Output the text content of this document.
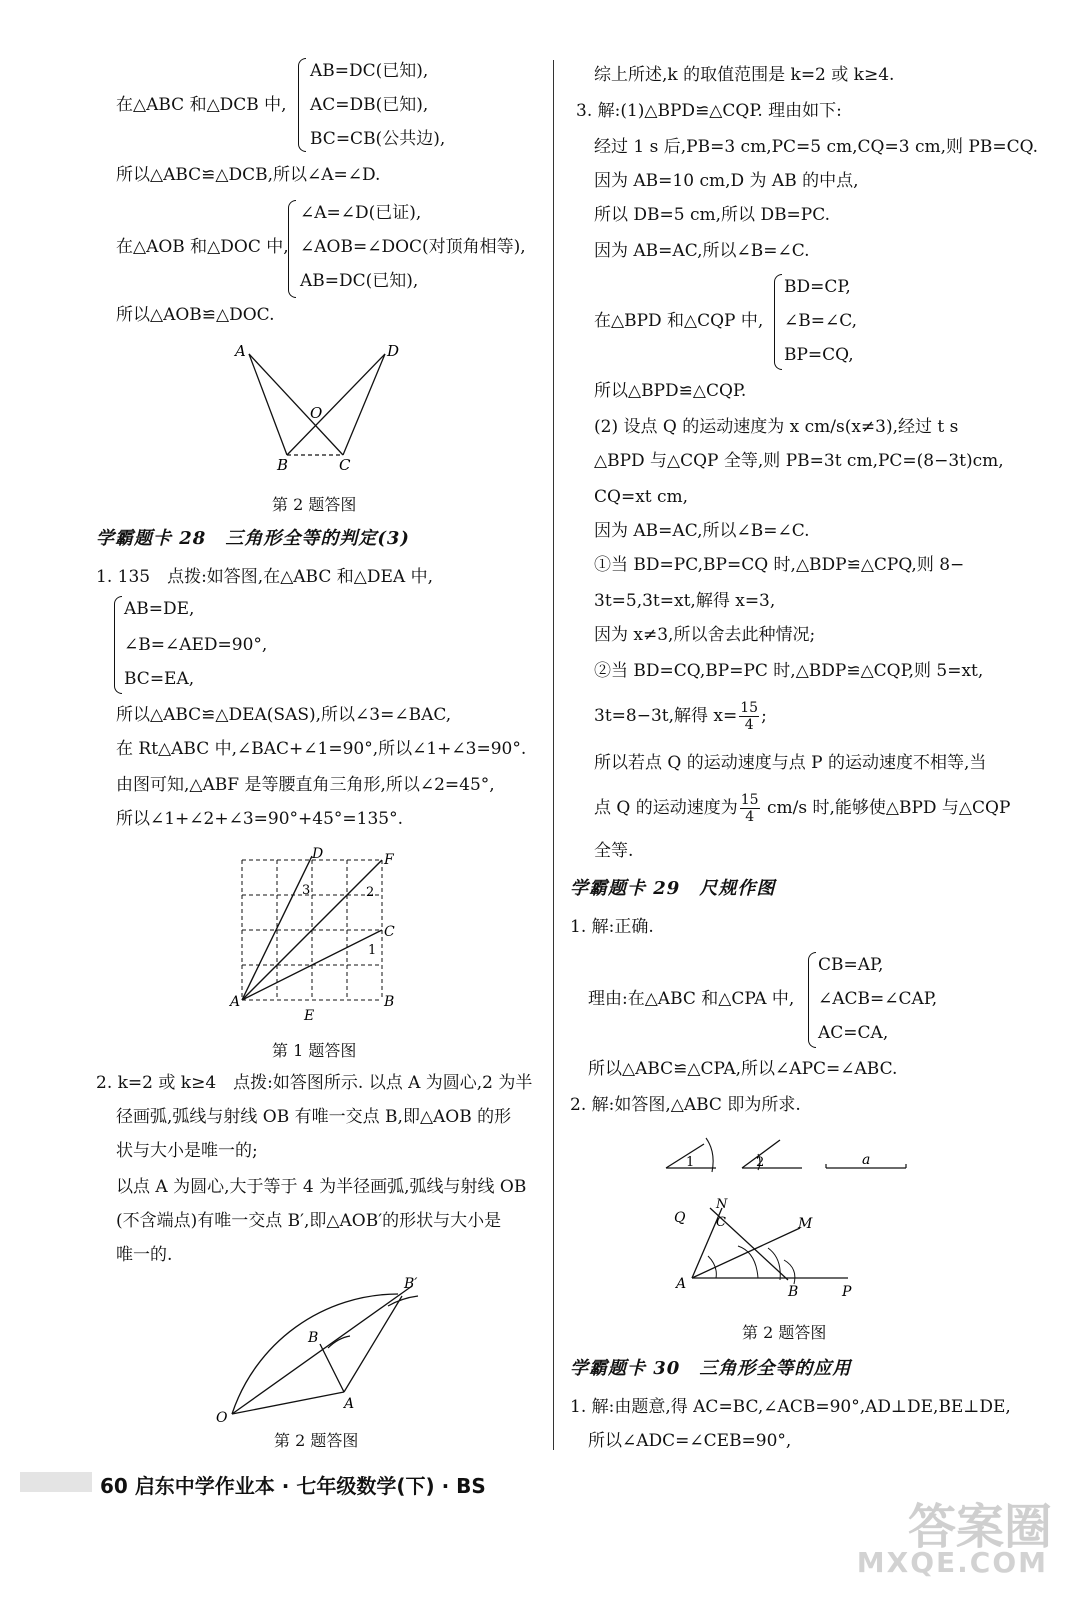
AB=DC(已知),
在△ABC 和△DCB 中, AC=DB(已知),
BC=CB(公共边),
所以△ABC≌△DCB,所以∠A=∠D.
∠A=∠D(已证),
在△AOB 和△DOC 中, ∠AOB=∠DOC(对顶角相等),
AB=DC(已知),
所以△AOB≌△DOC.
A	D
O
B	C
第 2 题答图
学霸题卡 28　三角形全等的判定(3)
1. 135　点拨:如答图,在△ABC 和△DEA 中,
AB=DE,
∠B=∠AED=90°,
BC=EA,
所以△ABC≌△DEA(SAS),所以∠3=∠BAC,
在 Rt△ABC 中,∠BAC+∠1=90°,所以∠1+∠3=90°.
由图可知,△ABF 是等腰直角三角形,所以∠2=45°,
所以∠1+∠2+∠3=90°+45°=135°.
D	F
C
A
E
B
3	2
1
第 1 题答图
2. k=2 或 k≥4　点拨:如答图所示. 以点 A 为圆心,2 为半
径画弧,弧线与射线 OB 有唯一交点 B,即△AOB 的形
状与大小是唯一的;
以点 A 为圆心,大于等于 4 为半径画弧,弧线与射线 OB
(不含端点)有唯一交点 B′,即△AOB′的形状与大小是
唯一的.
B′
B
O
A
第 2 题答图
综上所述,k 的取值范围是 k=2 或 k≥4.
3. 解:(1)△BPD≌△CQP. 理由如下:
经过 1 s 后,PB=3 cm,PC=5 cm,CQ=3 cm,则 PB=CQ.
因为 AB=10 cm,D 为 AB 的中点,
所以 DB=5 cm,所以 DB=PC.
因为 AB=AC,所以∠B=∠C.
BD=CP,
在△BPD 和△CQP 中, ∠B=∠C,
BP=CQ,
所以△BPD≌△CQP.
(2) 设点 Q 的运动速度为 x cm/s(x≠3),经过 t s
△BPD 与△CQP 全等,则 PB=3t cm,PC=(8−3t)cm,
CQ=xt cm,
因为 AB=AC,所以∠B=∠C.
①当 BD=PC,BP=CQ 时,△BDP≌△CPQ,则 8−
3t=5,3t=xt,解得 x=3,
因为 x≠3,所以舍去此种情况;
②当 BD=CQ,BP=PC 时,△BDP≌△CQP,则 5=xt,
3t=8−3t,解得 $x= \frac{15}{4}$ ;
所以若点 Q 的运动速度与点 P 的运动速度不相等,当
点 Q 的运动速度为 $\frac{15}{4} cm/s$ 时,能够使△BPD 与△CQP
全等.
学霸题卡 29　尺规作图
1. 解:正确.
CB=AP,
理由:在△ABC 和△CPA 中, ∠ACB=∠CAP,
AC=CA,
所以△ABC≌△CPA,所以∠APC=∠ABC.
2. 解:如答图,△ABC 即为所求.
1	2	a
Q
N
C	M
A	B	P
第 2 题答图
学霸题卡 30　三角形全等的应用
1. 解:由题意,得 AC=BC,∠ACB=90°,AD⊥DE,BE⊥DE,
所以∠ADC=∠CEB=90°,
60 启东中学作业本 · 七年级数学(下) · BS
答案圈
MXQE.COM
